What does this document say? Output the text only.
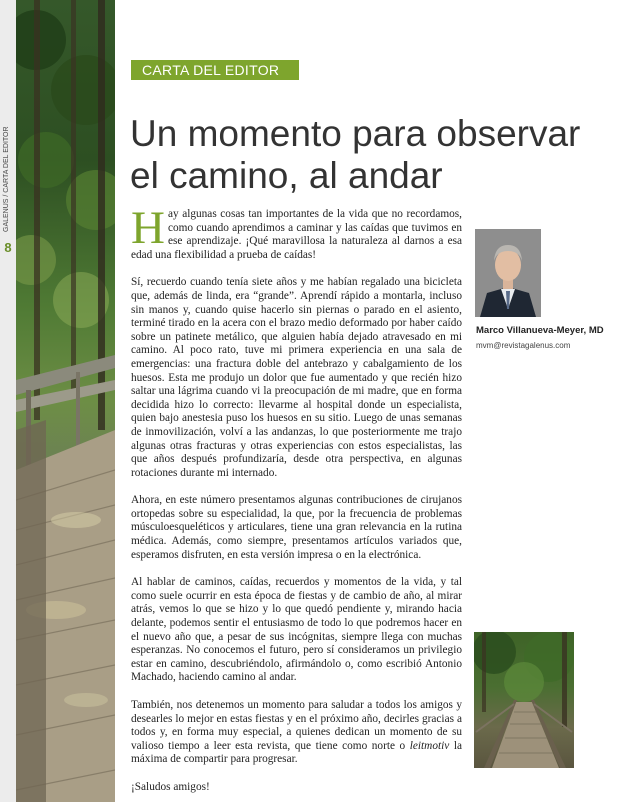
GALENUS / CARTA DEL EDITOR
8
CARTA DEL EDITOR
Un momento para observar el camino, al andar

Hay algunas cosas tan importantes de la vida que no recordamos, como cuando aprendimos a caminar y las caídas que tuvimos en ese aprendizaje. ¡Qué maravillosa la naturaleza al darnos a esa edad una flexibilidad a prueba de caídas!

Sí, recuerdo cuando tenía siete años y me habían regalado una bicicleta que, además de linda, era “grande”. Aprendí rápido a montarla, incluso sin manos y, cuando quise hacerlo sin piernas o parado en el asiento, terminé tirado en la acera con el brazo medio deformado por haber caído sobre un patinete metálico, que alguien había dejado atravesado en mi camino. Al poco rato, tuve mi primera experiencia en una sala de emergencias: una fractura doble del antebrazo y cabalgamiento de los huesos. Esta me produjo un dolor que fue aumentado y que recién hizo saltar una lágrima cuando vi la preocupación de mi madre, que en forma decidida hizo lo correcto: llevarme al hospital donde un especialista, quien bajo anestesia puso los huesos en su sitio. Luego de unas semanas de inmovilización, volví a las andanzas, lo que posteriormente me trajo algunas otras fracturas y otras experiencias con estos especialistas, las que años después profundizaría, desde otra perspectiva, en algunas rotaciones durante mi internado.

Ahora, en este número presentamos algunas contribuciones de cirujanos ortopedas sobre su especialidad, la que, por la frecuencia de problemas músculoesqueléticos y articulares, tiene una gran relevancia en la rutina médica. Además, como siempre, presentamos artículos variados que, esperamos disfruten, en esta versión impresa o en la electrónica.

Al hablar de caminos, caídas, recuerdos y momentos de la vida, y tal como suele ocurrir en esta época de fiestas y de cambio de año, al mirar atrás, vemos lo que se hizo y lo que quedó pendiente y, mirando hacia delante, podemos sentir el entusiasmo de todo lo que podremos hacer en el nuevo año que, a pesar de sus incógnitas, siempre llega con muchas esperanzas. No conocemos el futuro, pero sí consideramos un privilegio estar en camino, descubriéndolo, afirmándolo o, como escribió Antonio Machado, haciendo camino al andar.

También, nos detenemos un momento para saludar a todos los amigos y desearles lo mejor en estas fiestas y en el próximo año, decirles gracias a todos y, en forma muy especial, a quienes dedican un momento de su valioso tiempo a leer esta revista, que tiene como norte o leitmotiv la máxima de compartir para progresar.

¡Saludos amigos!

Marco Villanueva-Meyer, MD
mvm@revistagalenus.com
